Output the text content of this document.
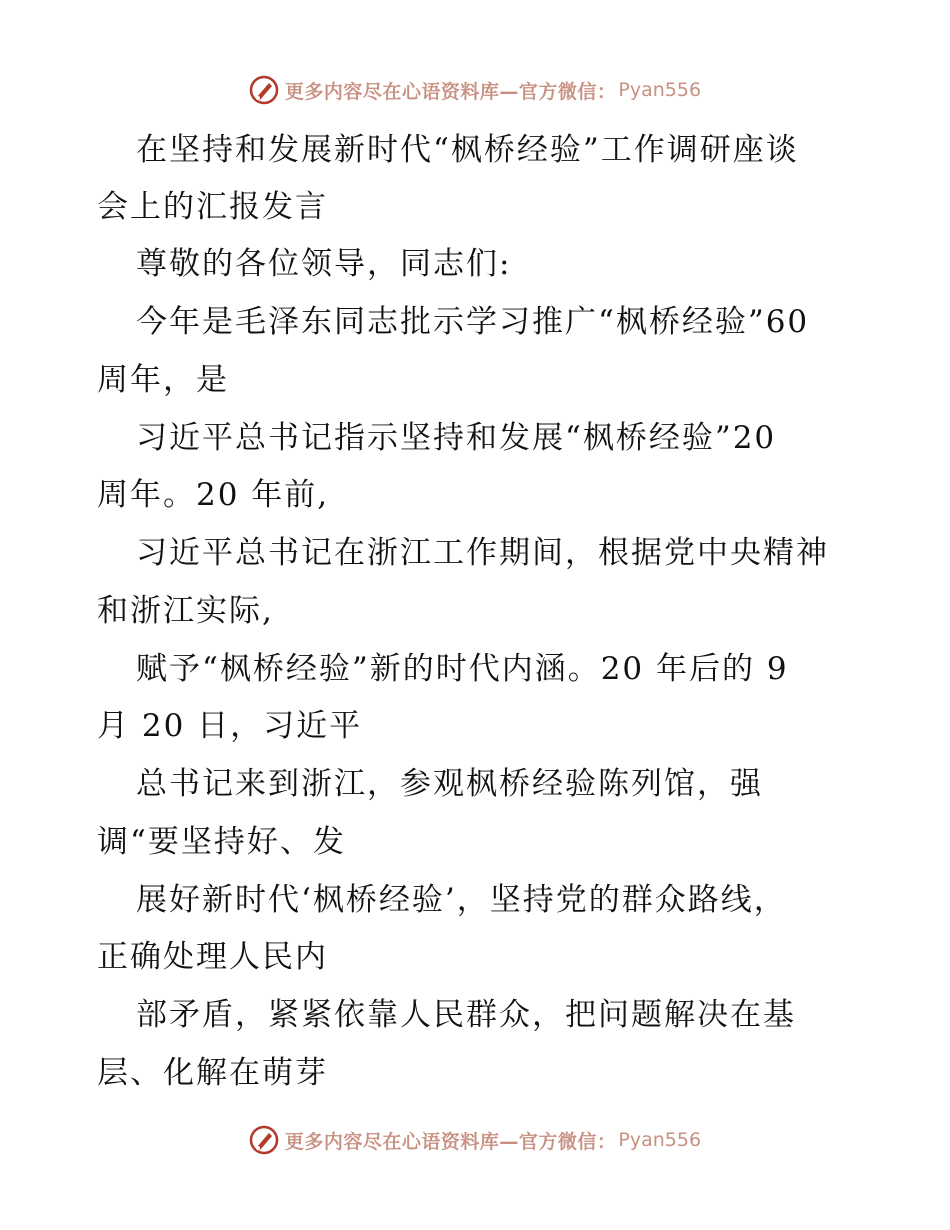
更多内容尽在心语资料库—官方微信： Pyan556
在坚持和发展新时代“枫桥经验”工作调研座谈
会上的汇报发言
尊敬的各位领导，同志们:
今年是毛泽东同志批示学习推广“枫桥经验”60
周年，是
习近平总书记指示坚持和发展“枫桥经验”20
周年。20 年前,
习近平总书记在浙江工作期间，根据党中央精神
和浙江实际,
赋予“枫桥经验”新的时代内涵。20 年后的 9
月 20 日，习近平
总书记来到浙江，参观枫桥经验陈列馆，强
调“要坚持好、发
展好新时代‘枫桥经验’，坚持党的群众路线，
正确处理人民内
部矛盾，紧紧依靠人民群众，把问题解决在基
层、化解在萌芽
更多内容尽在心语资料库—官方微信： Pyan556
